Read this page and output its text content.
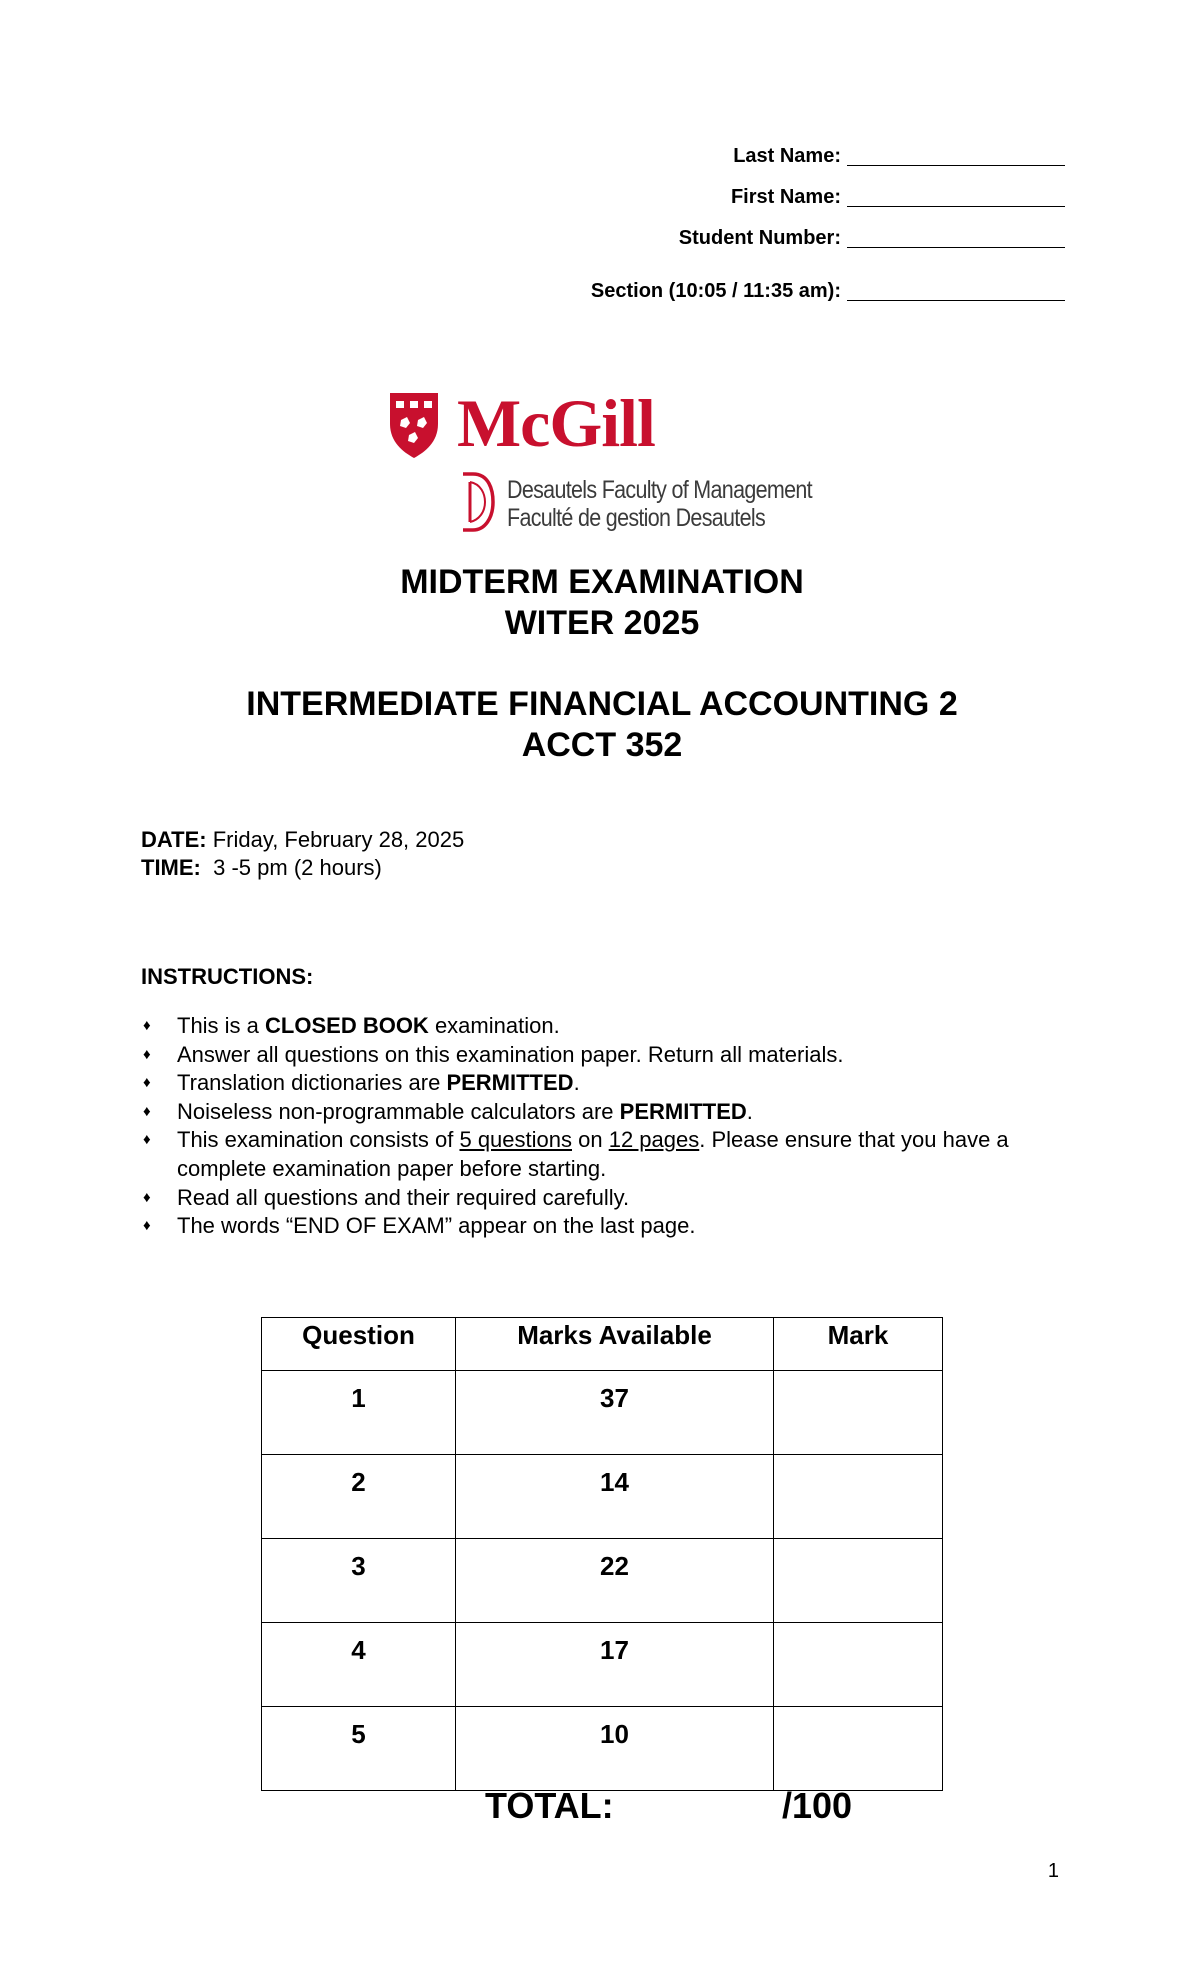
Last Name:
First Name:
Student Number:
Section (10:05 / 11:35 am):
McGill
Desautels Faculty of Management
Faculté de gestion Desautels
MIDTERM EXAMINATION
WITER 2025
INTERMEDIATE FINANCIAL ACCOUNTING 2
ACCT 352
DATE: Friday, February 28, 2025
TIME: 3 -5 pm (2 hours)
INSTRUCTIONS:
♦ This is a CLOSED BOOK examination.
♦ Answer all questions on this examination paper. Return all materials.
♦ Translation dictionaries are PERMITTED.
♦ Noiseless non-programmable calculators are PERMITTED.
♦ This examination consists of 5 questions on 12 pages. Please ensure that you have a complete examination paper before starting.
♦ Read all questions and their required carefully.
♦ The words “END OF EXAM” appear on the last page.
Question	Marks Available	Mark
1	37	
2	14	
3	22	
4	17	
5	10	
TOTAL:	/100
1
